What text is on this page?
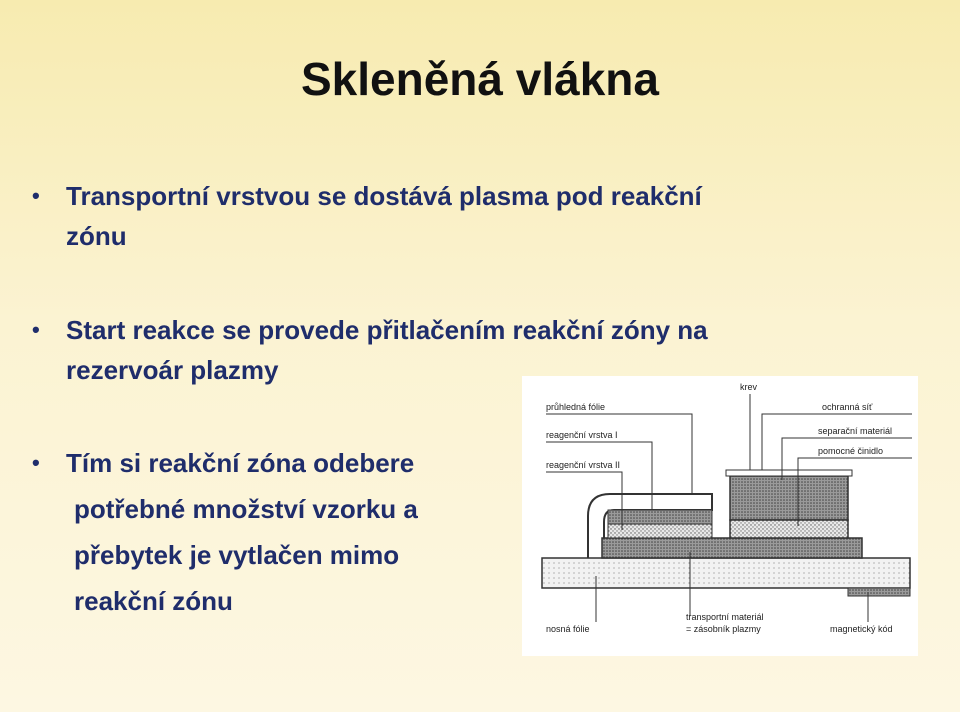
Skleněná vlákna
• Transportní vrstvou se dostává plasma pod reakční
zónu
• Start reakce se provede přitlačením reakční zóny na
rezervoár plazmy
• Tím si reakční zóna odebere
potřebné množství vzorku a
přebytek je vytlačen mimo
reakční zónu
průhledná fólie
krev
ochranná síť
reagenční vrstva I	separační materiál
pomocné činidlo
reagenční vrstva II
transportní materiál
= zásobník plazmy
nosná fólie	magnetický kód
